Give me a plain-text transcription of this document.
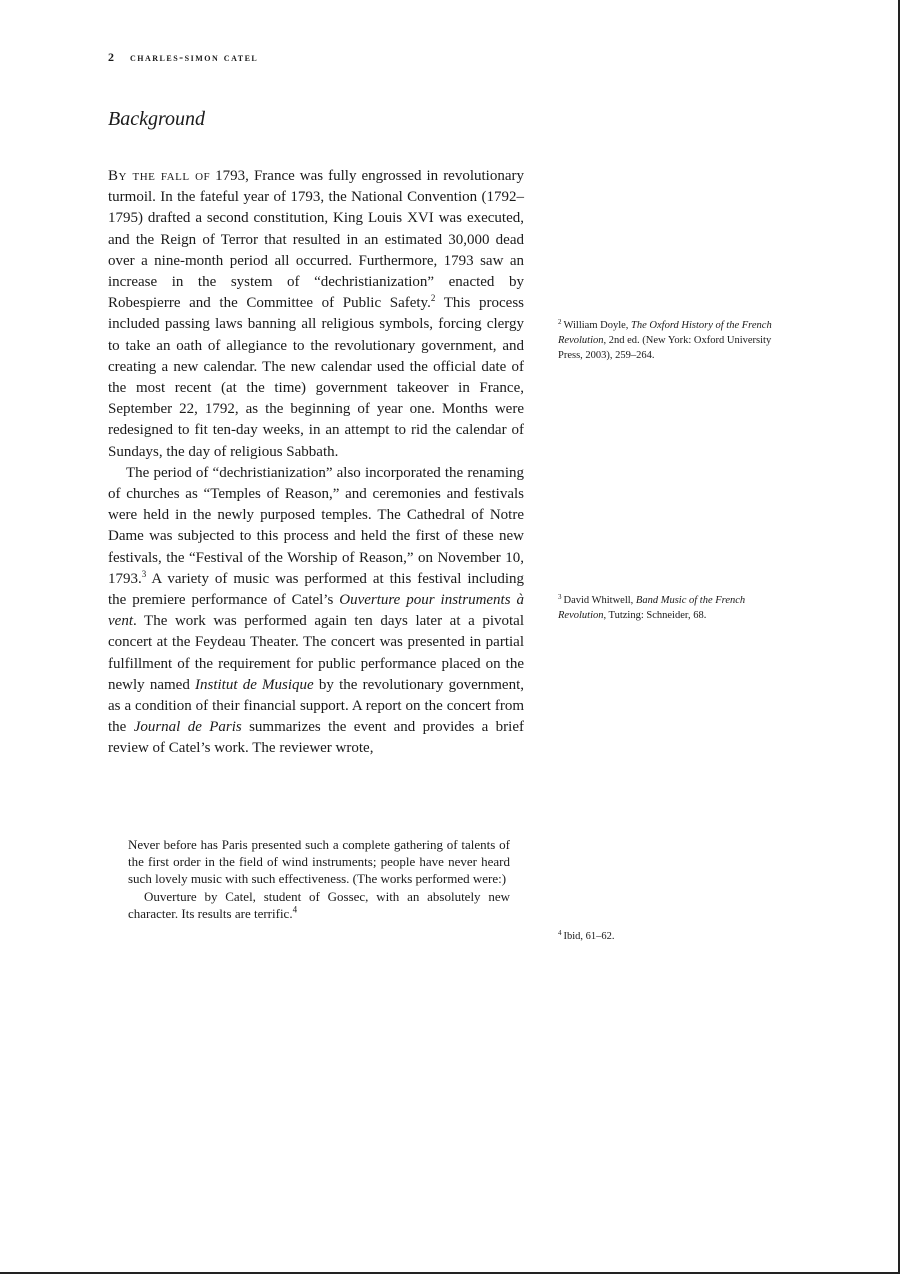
2 charles-simon catel
Background

By the fall of 1793, France was fully engrossed in revolutionary turmoil. In the fateful year of 1793, the National Convention (1792–1795) drafted a second constitution, King Louis XVI was executed, and the Reign of Terror that resulted in an estimated 30,000 dead over a nine-month period all occurred. Furthermore, 1793 saw an increase in the system of “dechristianization” enacted by Robespierre and the Committee of Public Safety.$^2$ This process included passing laws banning all religious symbols, forcing clergy to take an oath of allegiance to the revolutionary government, and creating a new calendar. The new calendar used the official date of the most recent (at the time) government takeover in France, September 22, 1792, as the beginning of year one. Months were redesigned to fit ten-day weeks, in an attempt to rid the calendar of Sundays, the day of religious Sabbath.

The period of “dechristianization” also incorporated the renaming of churches as “Temples of Reason,” and ceremonies and festivals were held in the newly purposed temples. The Cathedral of Notre Dame was subjected to this process and held the first of these new festivals, the “Festival of the Worship of Reason,” on November 10, 1793.$^3$ A variety of music was performed at this festival including the premiere performance of Catel’s Ouverture pour instruments à vent. The work was performed again ten days later at a pivotal concert at the Feydeau Theater. The concert was presented in partial fulfillment of the requirement for public performance placed on the newly named Institut de Musique by the revolutionary government, as a condition of their financial support. A report on the concert from the Journal de Paris summarizes the event and provides a brief review of Catel’s work. The reviewer wrote,

Never before has Paris presented such a complete gathering of talents of the first order in the field of wind instruments; people have never heard such lovely music with such effectiveness. (The works performed were:)

Ouverture by Catel, student of Gossec, with an absolutely new character. Its results are terrific.$^4$

$^2$ William Doyle, The Oxford History of the French Revolution, 2nd ed. (New York: Oxford University Press, 2003), 259–264.
$^3$ David Whitwell, Band Music of the French Revolution, Tutzing: Schneider, 68.
$^4$ Ibid, 61–62.
